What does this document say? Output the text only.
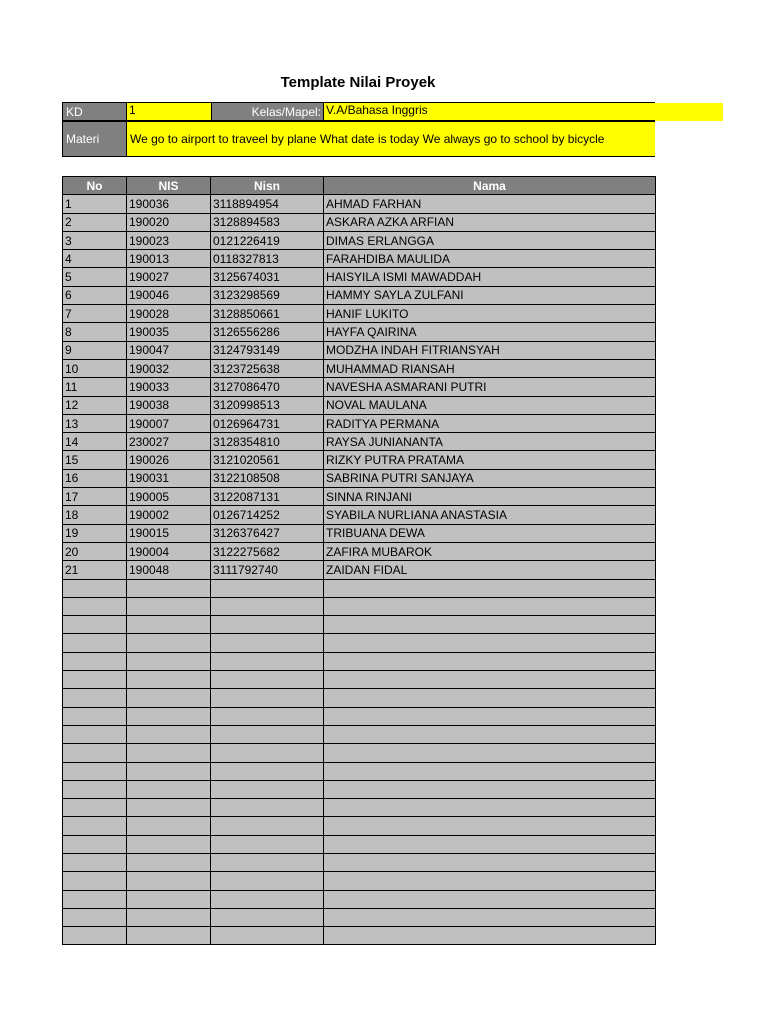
Template Nilai Proyek
KD	1	Kelas/Mapel: V.A/Bahasa Inggris
Materi	We go to airport to traveel by plane What date is today We always go to school by bicycle
No	NIS	Nisn	Nama
1	190036	3118894954	AHMAD FARHAN
2	190020	3128894583	ASKARA AZKA ARFIAN
3	190023	0121226419	DIMAS ERLANGGA
4	190013	0118327813	FARAHDIBA MAULIDA
5	190027	3125674031	HAISYILA ISMI MAWADDAH
6	190046	3123298569	HAMMY SAYLA ZULFANI
7	190028	3128850661	HANIF LUKITO
8	190035	3126556286	HAYFA QAIRINA
9	190047	3124793149	MODZHA INDAH FITRIANSYAH
10	190032	3123725638	MUHAMMAD RIANSAH
11	190033	3127086470	NAVESHA ASMARANI PUTRI
12	190038	3120998513	NOVAL MAULANA
13	190007	0126964731	RADITYA PERMANA
14	230027	3128354810	RAYSA JUNIANANTA
15	190026	3121020561	RIZKY PUTRA PRATAMA
16	190031	3122108508	SABRINA PUTRI SANJAYA
17	190005	3122087131	SINNA RINJANI
18	190002	0126714252	SYABILA NURLIANA ANASTASIA
19	190015	3126376427	TRIBUANA DEWA
20	190004	3122275682	ZAFIRA MUBAROK
21	190048	3111792740	ZAIDAN FIDAL
